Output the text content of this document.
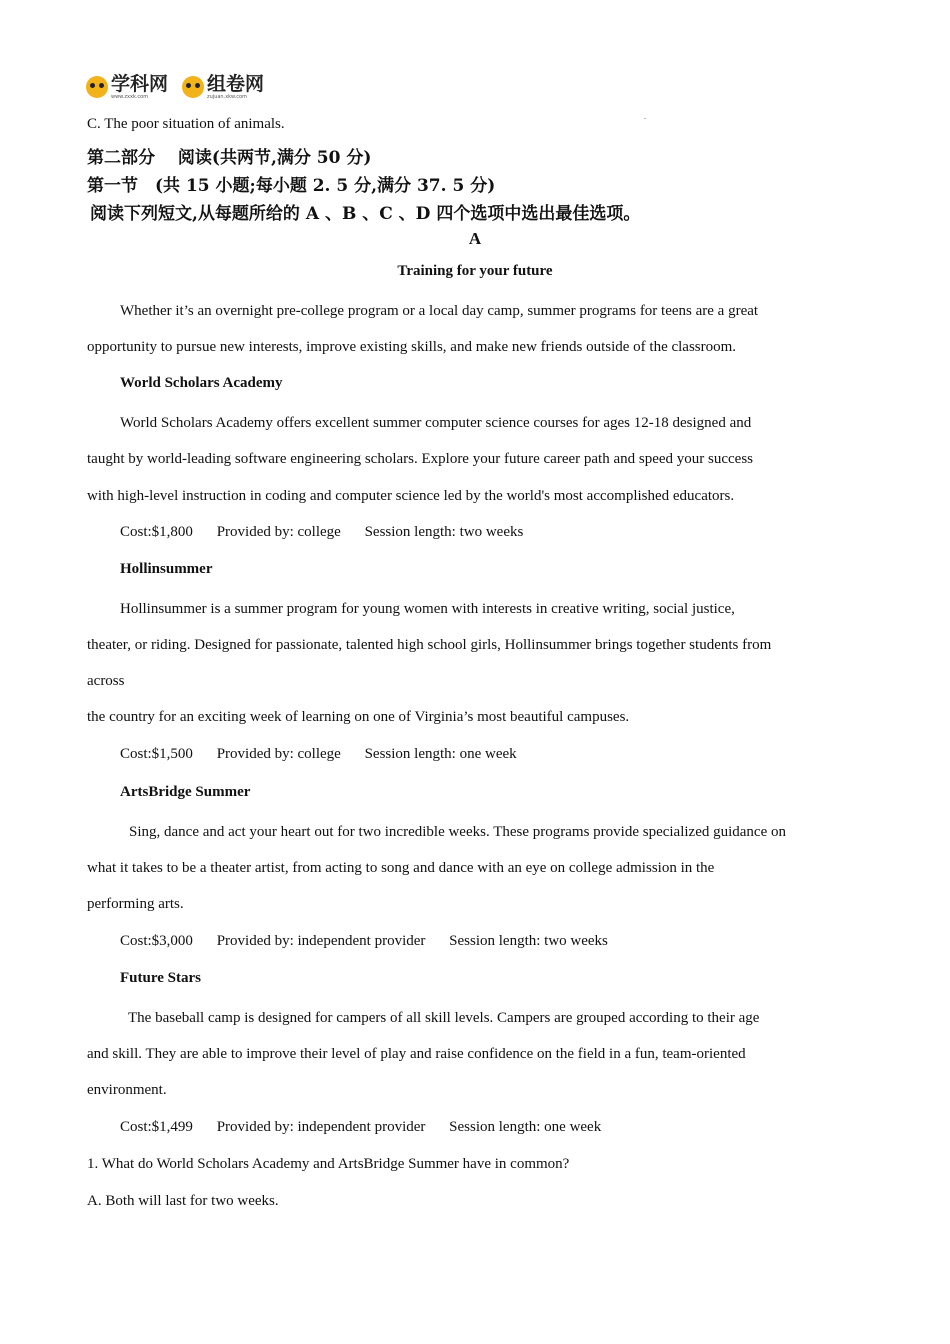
学科网
www.zxxk.com
组卷网
zujuan.xkw.com
C. The poor situation of animals.
第二部分　 阅读(共两节,满分 50 分)
第一节　(共 15 小题;每小题 2. 5 分,满分 37. 5 分)
阅读下列短文,从每题所给的 A 、B 、C 、D 四个选项中选出最佳选项。
A
Training for your future
Whether it’s an overnight pre-college program or a local day camp, summer programs for teens are a great
opportunity to pursue new interests, improve existing skills, and make new friends outside of the classroom.
World Scholars Academy
World Scholars Academy offers excellent summer computer science courses for ages 12-18 designed and
taught by world-leading software engineering scholars. Explore your future career path and speed your success
with high-level instruction in coding and computer science led by the world's most accomplished educators.
Cost:$1,800 Provided by: college Session length: two weeks
Hollinsummer
Hollinsummer is a summer program for young women with interests in creative writing, social justice,
theater, or riding. Designed for passionate, talented high school girls, Hollinsummer brings together students from
across
the country for an exciting week of learning on one of Virginia’s most beautiful campuses.
Cost:$1,500 Provided by: college Session length: one week
ArtsBridge Summer
Sing, dance and act your heart out for two incredible weeks. These programs provide specialized guidance on
what it takes to be a theater artist, from acting to song and dance with an eye on college admission in the
performing arts.
Cost:$3,000 Provided by: independent provider Session length: two weeks
Future Stars
The baseball camp is designed for campers of all skill levels. Campers are grouped according to their age
and skill. They are able to improve their level of play and raise confidence on the field in a fun, team-oriented
environment.
Cost:$1,499 Provided by: independent provider Session length: one week
1. What do World Scholars Academy and ArtsBridge Summer have in common?
A. Both will last for two weeks.
